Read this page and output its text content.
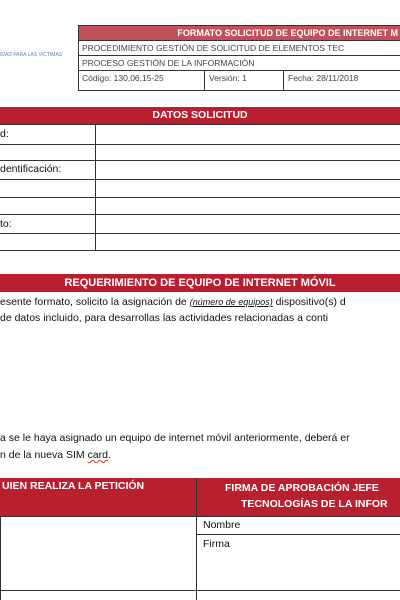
IDAD PARA LAS VICTIMAS
FORMATO SOLICITUD DE EQUIPO DE INTERNET M
PROCEDIMIENTO GESTIÓN DE SOLICITUD DE ELEMENTOS TEC
PROCESO GESTIÓN DE LA INFORMACIÓN
Código: 130,06,15-25	Versión: 1	Fecha: 28/11/2018
DATOS SOLICITUD
d:
dentificación:
to:
REQUERIMIENTO DE EQUIPO DE INTERNET MÓVIL
esente formato, solicito la asignación de (número de equipos) dispositivo(s) d
de datos incluido, para desarrollas las actividades relacionadas a conti
a se le haya asignado un equipo de internet móvil anteriormente, deberá er
n de la nueva SIM card.
UIEN REALIZA LA PETICIÓN	FIRMA DE APROBACIÓN JEFE
TECNOLOGÍAS DE LA INFOR
Nombre
Firma
